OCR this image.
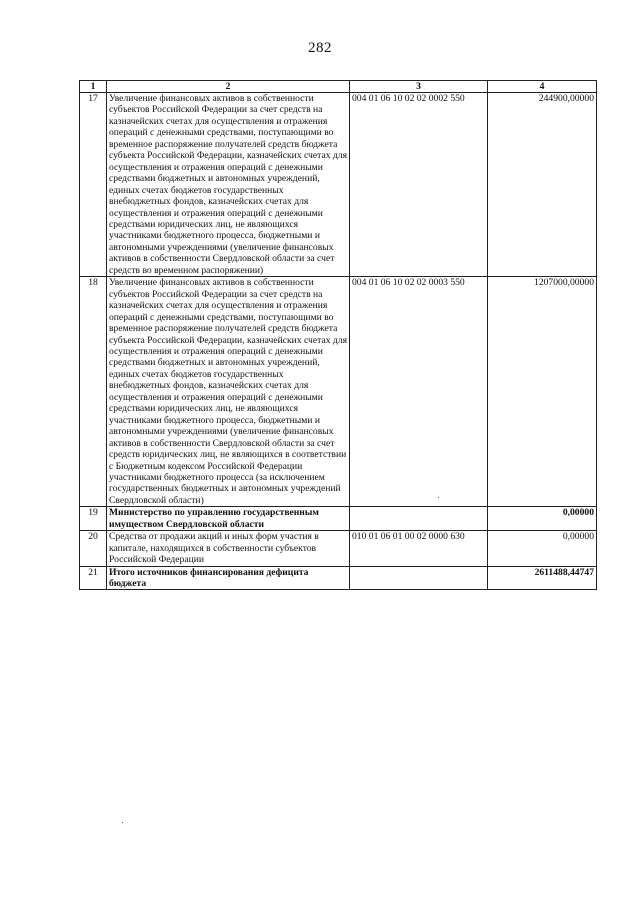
282
1	2	3	4
17	Увеличение финансовых активов в собственности субъектов Российской Федерации за счет средств на казначейских счетах для осуществления и отражения операций с денежными средствами, поступающими во временное распоряжение получателей средств бюджета субъекта Российской Федерации, казначейских счетах для осуществления и отражения операций с денежными средствами бюджетных и автономных учреждений, единых счетах бюджетов государственных внебюджетных фондов, казначейских счетах для осуществления и отражения операций с денежными средствами юридических лиц, не являющихся участниками бюджетного процесса, бюджетными и автономными учреждениями (увеличение финансовых активов в собственности Свердловской области за счет средств во временном распоряжении)	004 01 06 10 02 02 0002 550	244900,00000
18	Увеличение финансовых активов в собственности субъектов Российской Федерации за счет средств на казначейских счетах для осуществления и отражения операций с денежными средствами, поступающими во временное распоряжение получателей средств бюджета субъекта Российской Федерации, казначейских счетах для осуществления и отражения операций с денежными средствами бюджетных и автономных учреждений, единых счетах бюджетов государственных внебюджетных фондов, казначейских счетах для осуществления и отражения операций с денежными средствами юридических лиц, не являющихся участниками бюджетного процесса, бюджетными и автономными учреждениями (увеличение финансовых активов в собственности Свердловской области за счет средств юридических лиц, не являющихся в соответствии с Бюджетным кодексом Российской Федерации участниками бюджетного процесса (за исключением государственных бюджетных и автономных учреждений Свердловской области)	004 01 06 10 02 02 0003 550	1207000,00000
19	Министерство по управлению государственным имуществом Свердловской области		0,00000
20	Средства от продажи акций и иных форм участия в капитале, находящихся в собственности субъектов Российской Федерации	010 01 06 01 00 02 0000 630	0,00000
21	Итого источников финансирования дефицита бюджета		2611488,44747
